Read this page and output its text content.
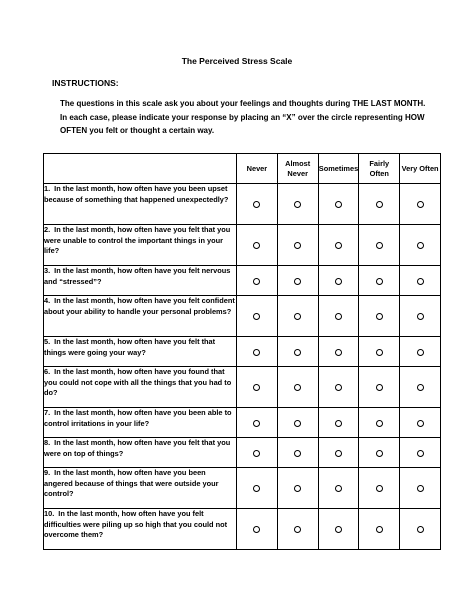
The Perceived Stress Scale
INSTRUCTIONS:
The questions in this scale ask you about your feelings and thoughts during THE LAST MONTH. In each case, please indicate your response by placing an “X” over the circle representing HOW OFTEN you felt or thought a certain way.
	Never	Almost Never	Sometimes	Fairly Often	Very Often
1. In the last month, how often have you been upset because of something that happened unexpectedly?					
2. In the last month, how often have you felt that you were unable to control the important things in your life?					
3. In the last month, how often have you felt nervous and “stressed”?					
4. In the last month, how often have you felt confident about your ability to handle your personal problems?					
5. In the last month, how often have you felt that things were going your way?					
6. In the last month, how often have you found that you could not cope with all the things that you had to do?					
7. In the last month, how often have you been able to control irritations in your life?					
8. In the last month, how often have you felt that you were on top of things?					
9. In the last month, how often have you been angered because of things that were outside your control?					
10. In the last month, how often have you felt difficulties were piling up so high that you could not overcome them?					
